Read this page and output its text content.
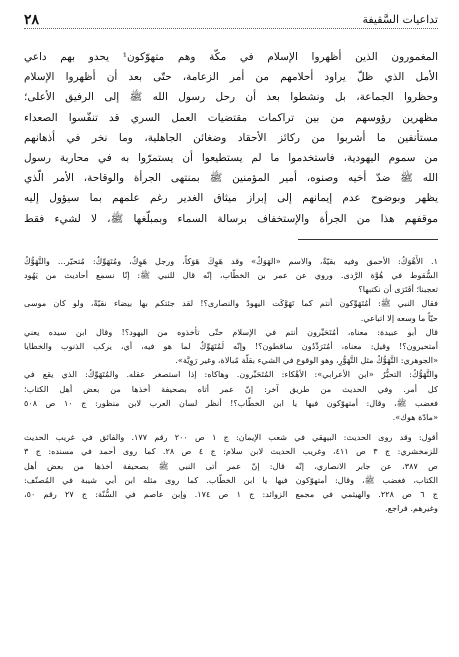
تداعيات السَّقيفة
٢٨
المغمورون الذين أظهروا الإسلام في مكّة وهم متهوّكون¹ يحدو بهم داعي
الأمل الذي ظلّ يراود أحلامهم من أمر الزعامة، حتّى بعد أن أظهروا الإسلام
وحظروا الجماعة، بل ونشطوا بعد أن رحل رسول الله ﷺ إلى الرفيق الأعلى؛
مظهرين رؤوسهم من بين تراكمات مقتضيات العمل السري قد تنفّسوا الصعداء
مستأنفين ما أشربوا من ركائز الأحقاد وضغائن الجاهلية، وما نخر في أذهانهم
من سموم اليهودية، فاستخدموا ما لم يستطيعوا أن يستمرّوا به في محاربة رسول
الله ﷺ ضدّ أخيه وصنوه، أمير المؤمنين ﷺ بمنتهى الجرأة والوقاحة، الأمر الّذي
يظهر وبوضوح عدم إيمانهم إلى إبراز ميثاق الغدير رغم علمهم بما سيؤول إليه
موقفهم هذا من الجرأة والإستخفاف برسالة السماء وبمبلّغها ﷺ، لا لشيء فقط
١. الأَهْوَكُ: الأحمق وفيه بقيّةٌ، والاسم «الهَوَكُ» وقد هَوِكَ هَوَكاً، ورجل هَوِكٌ، ومُتَهَوِّكٌ: مُتحيّر... والتَّهَوُّكُ
السُّقوط في هُوَّة الرَّدى. وروي عن عمر بن الخطّاب، إنّه قال للنبي ﷺ: إنّا نسمع أحاديث من يَهُود
تعجبنا؛ أفَتَرَى أن نكتبها؟
فقال النبي ﷺ: أمُتَهَوِّكون أنتم كما تَهَوَّكَت اليهودُ والنصارى؟! لقد جئتكم بها بيضاء نقيّةً، ولو كان موسى
حيّاً ما وسعه إلا اتباعي.
قال أبو عبيدة: معناه، أمُتَحَيِّرون أنتم في الإسلام حتّى تأخذوه من اليهود؟! وقال ابن سيده يعني
أمتحيرون؟! وقيل: معناه، أمُتَرَدِّدُون ساقطون؟! وإنّه لَمُتَهَوِّكٌ لما هو فيه، أي، يركب الذنوب والخطايا
«الجوهري: التَّهَوُّكُ مثل التَّهَوُّرِ، وهو الوقوع في الشيء بقلّة مُبالاة، وغير رَوِيَّة».
والتَّهَوُّكُ: التحيُّرُ «ابن الأعرابي»: الأهْكاء: المُتَحَيِّرون. وهاكاه: إذا استصغر عقله. والمُتَهَوِّكُ: الذي يقع في
كل أمر. وفي الحديث من طريق آخر: إنّ عمر أتاه بصحيفة أخذها من بعض أهل الكتاب؛
فغضب ﷺ، وقال: أمتهوّكون فيها يا ابن الخطّاب؟! أنظر لسان العرب لابن منظور: ج ١٠ ص ٥٠٨
«مادّة هوك».
أقول: وقد روى الحديث: البيهقي في شعب الإيمان: ج ١ ص ٢٠٠ رقم ١٧٧. والفائق في غريب الحديث
للزمخشري: ج ٣ ص ٤١١، وغريب الحديث لابن سلام: ج ٤ ص ٢٨. كما روى أحمد في مسنده: ج ٣
ص ٣٨٧، عن جابر الانصاري، إنّه قال: إنّ عمر أتى النبي ﷺ بصحيفة أخذها من بعض أهل
الكتاب، فغضب ﷺ، وقال: أمتهوّكون فيها يا ابن الخطّاب. كما روى مثله ابن أبي شيبة في المُصنّف:
ج ٦ ص ٢٢٨. والهيثمي في مجمع الزوائد: ج ١ ص ١٧٤. وإبن عاصم في السُّنّة: ج ٢٧ رقم ٥٠،
وغيرهم. فراجع.
